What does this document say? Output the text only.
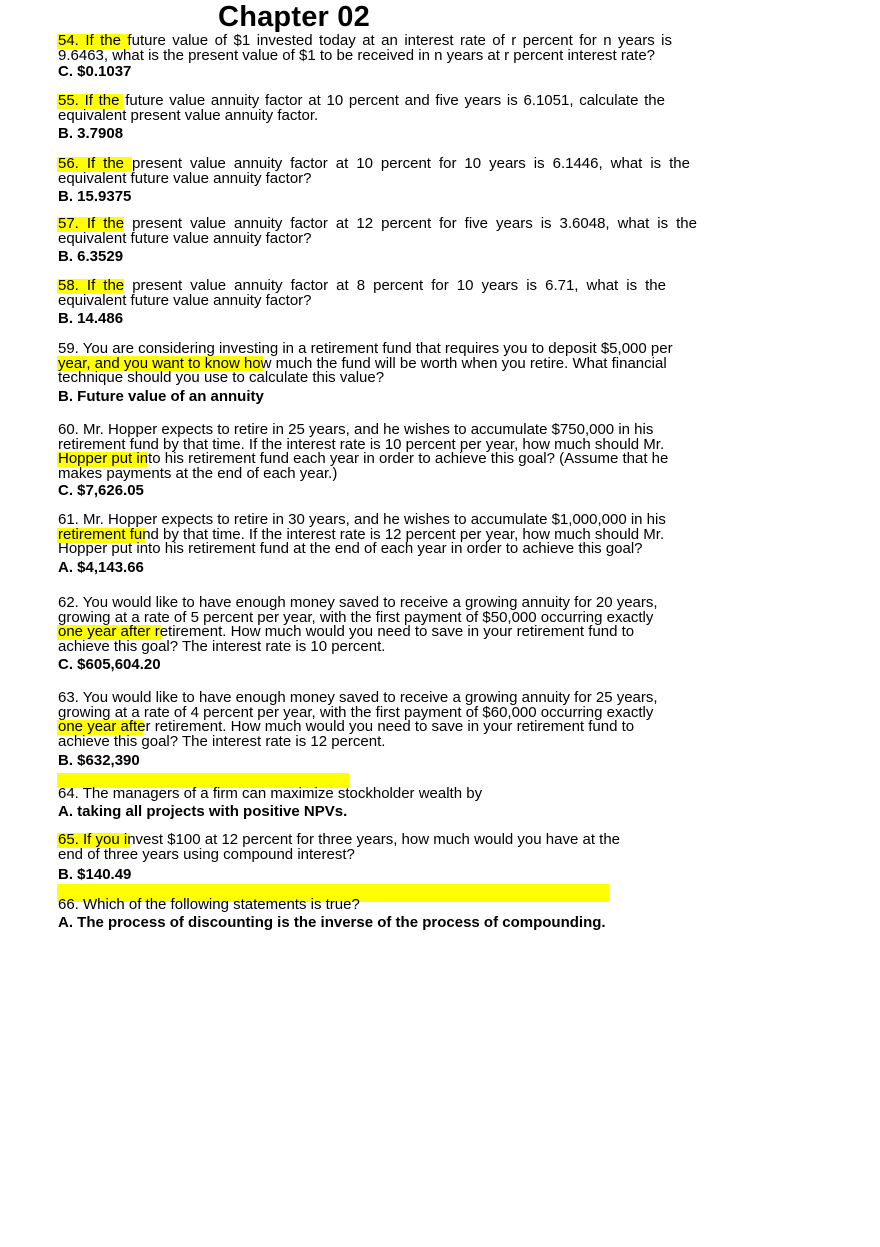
Chapter 02
54. If the future value of $1 invested today at an interest rate of r percent for n years is
9.6463, what is the present value of $1 to be received in n years at r percent interest rate?
C. $0.1037
55. If the future value annuity factor at 10 percent and five years is 6.1051, calculate the
equivalent present value annuity factor.
B. 3.7908
56. If the present value annuity factor at 10 percent for 10 years is 6.1446, what is the
equivalent future value annuity factor?
B. 15.9375
57. If the present value annuity factor at 12 percent for five years is 3.6048, what is the
equivalent future value annuity factor?
B. 6.3529
58. If the present value annuity factor at 8 percent for 10 years is 6.71, what is the
equivalent future value annuity factor?
B. 14.486
59. You are considering investing in a retirement fund that requires you to deposit $5,000 per
year, and you want to know how much the fund will be worth when you retire. What financial
technique should you use to calculate this value?
B. Future value of an annuity
60. Mr. Hopper expects to retire in 25 years, and he wishes to accumulate $750,000 in his
retirement fund by that time. If the interest rate is 10 percent per year, how much should Mr.
Hopper put into his retirement fund each year in order to achieve this goal? (Assume that he
makes payments at the end of each year.)
C. $7,626.05
61. Mr. Hopper expects to retire in 30 years, and he wishes to accumulate $1,000,000 in his
retirement fund by that time. If the interest rate is 12 percent per year, how much should Mr.
Hopper put into his retirement fund at the end of each year in order to achieve this goal?
A. $4,143.66
62. You would like to have enough money saved to receive a growing annuity for 20 years,
growing at a rate of 5 percent per year, with the first payment of $50,000 occurring exactly
one year after retirement. How much would you need to save in your retirement fund to
achieve this goal? The interest rate is 10 percent.
C. $605,604.20
63. You would like to have enough money saved to receive a growing annuity for 25 years,
growing at a rate of 4 percent per year, with the first payment of $60,000 occurring exactly
one year after retirement. How much would you need to save in your retirement fund to
achieve this goal? The interest rate is 12 percent.
B. $632,390
64. The managers of a firm can maximize stockholder wealth by
A. taking all projects with positive NPVs.
65. If you invest $100 at 12 percent for three years, how much would you have at the
end of three years using compound interest?
B. $140.49
66. Which of the following statements is true?
A. The process of discounting is the inverse of the process of compounding.
